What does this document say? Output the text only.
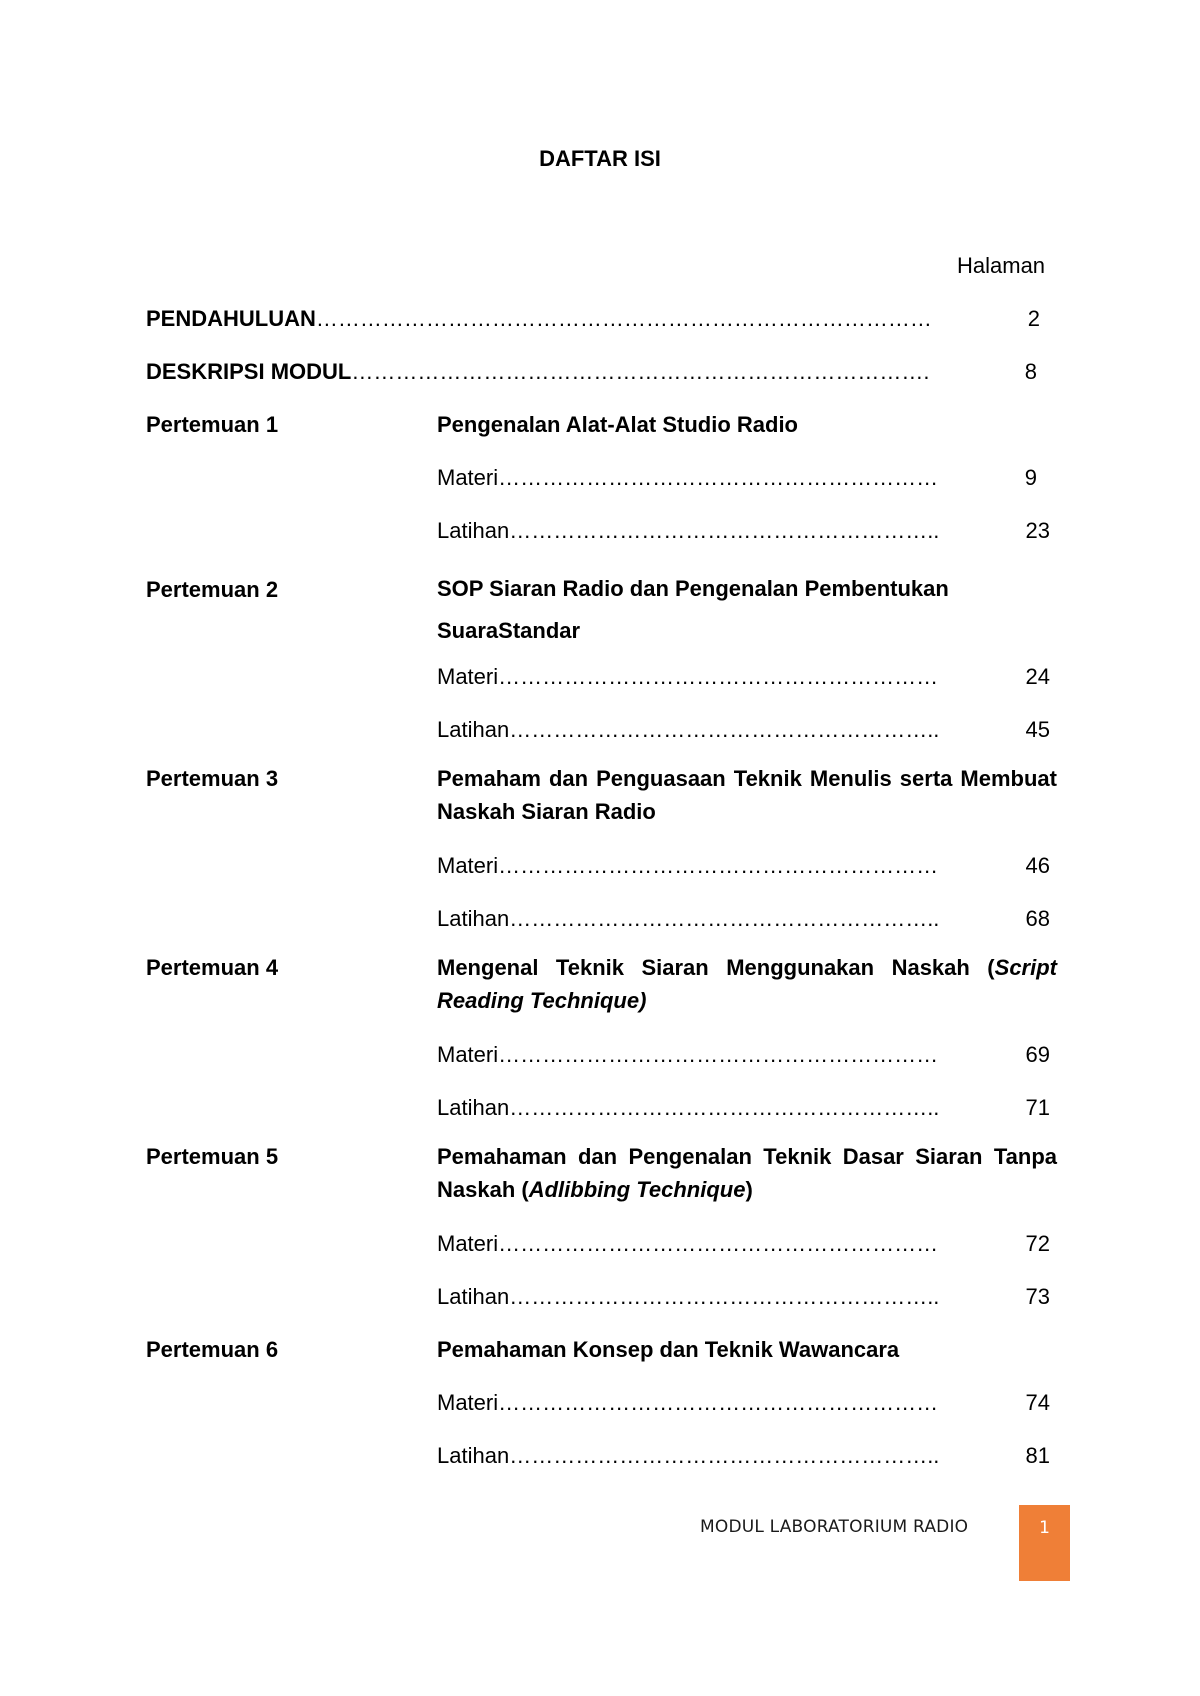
DAFTAR ISI
Halaman
PENDAHULUAN…………………………………………………………………………	2
DESKRIPSI MODUL…………………………………………………………………….	8
Pertemuan 1	Pengenalan Alat-Alat Studio Radio
Materi……………………………………………………	9
Latihan…………………………………………………..	23
Pertemuan 2	SOP Siaran Radio dan Pengenalan Pembentukan SuaraStandar
Materi……………………………………………………	24
Latihan…………………………………………………..	45
Pertemuan 3	Pemaham dan Penguasaan Teknik Menulis serta Membuat Naskah Siaran Radio
Materi……………………………………………………	46
Latihan…………………………………………………..	68
Pertemuan 4	Mengenal Teknik Siaran Menggunakan Naskah (Script Reading Technique)
Materi……………………………………………………	69
Latihan…………………………………………………..	71
Pertemuan 5	Pemahaman dan Pengenalan Teknik Dasar Siaran Tanpa Naskah (Adlibbing Technique)
Materi……………………………………………………	72
Latihan…………………………………………………..	73
Pertemuan 6	Pemahaman Konsep dan Teknik Wawancara
Materi……………………………………………………	74
Latihan…………………………………………………..	81
MODUL LABORATORIUM RADIO	1
